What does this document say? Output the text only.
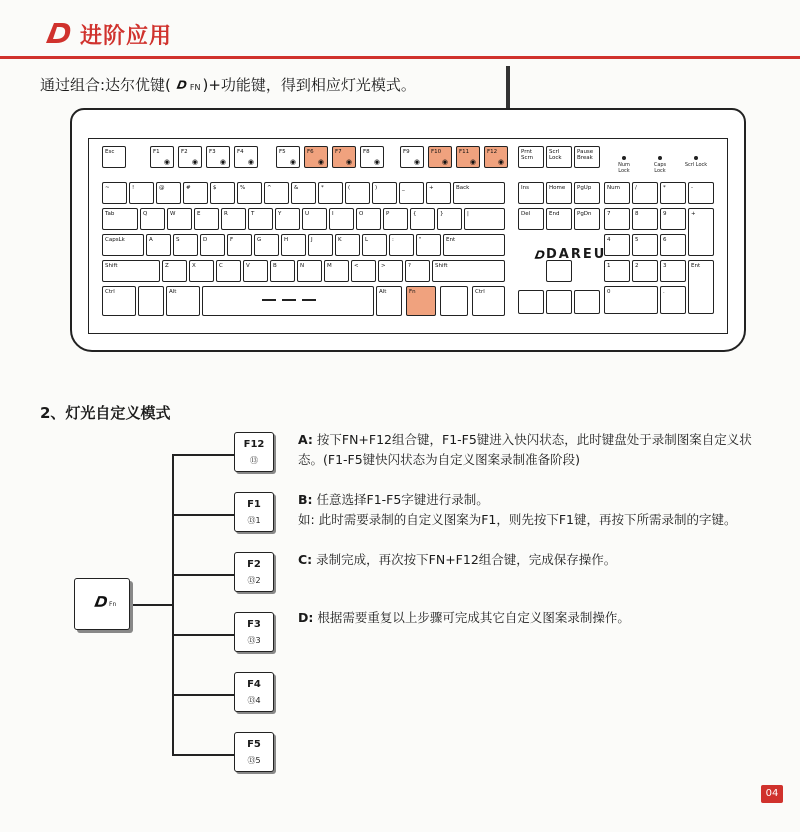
进阶应用
通过组合:达尔优键( FN )+功能键，得到相应灯光模式。
Esc	F1
◉
F2
◉
F3
◉
F4
◉
F5
◉
F6
◉
F7
◉
F8
◉
F9
◉
F10
◉
F11
◉
F12
◉
Prnt Scrn
Scrl Lock
Pause Break
Num Lock
Caps Lock
Scrl Lock
~	!	@	#	$	%	^	&	*	(	)	_	+	Back
Tab	Q	W	E	R	T	Y	U	I	O	P	{	}	|
CapsLk	A	S	D	F	G	H	J	K	L	:	"	Ent
Shift	Z	X	C	V	B	N	M	<	>	?	Shift
Ctrl	Alt	Alt	Fn	Ctrl
Ins	Home	PgUp
Del	End	PgDn
Num	/	*	-
7	8	9	+
4	5	6
1	2	3	Ent
0	.
DAREU
2、灯光自定义模式
Fn
F12
⑬
F1
⑬1
F2
⑬2
F3
⑬3
F4
⑬4
F5
⑬5
A: 按下FN+F12组合键，F1-F5键进入快闪状态，此时键盘处于录制图案自定义状态。(F1-F5键快闪状态为自定义图案录制准备阶段)
B: 任意选择F1-F5字键进行录制。
如: 此时需要录制的自定义图案为F1，则先按下F1键，再按下所需录制的字键。
C: 录制完成，再次按下FN+F12组合键，完成保存操作。
D: 根据需要重复以上步骤可完成其它自定义图案录制操作。
04
